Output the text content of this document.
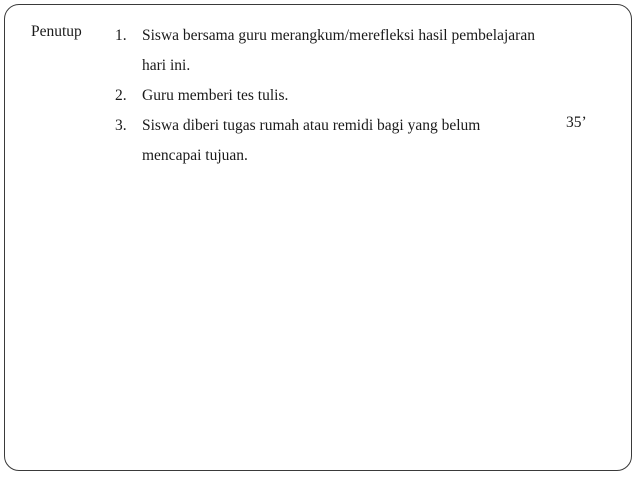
Penutup 1. Siswa bersama guru merangkum/merefleksi hasil pembelajaran hari ini.
2. Guru memberi tes tulis.
3. Siswa diberi tugas rumah atau remidi bagi yang belum mencapai tujuan.
35’
